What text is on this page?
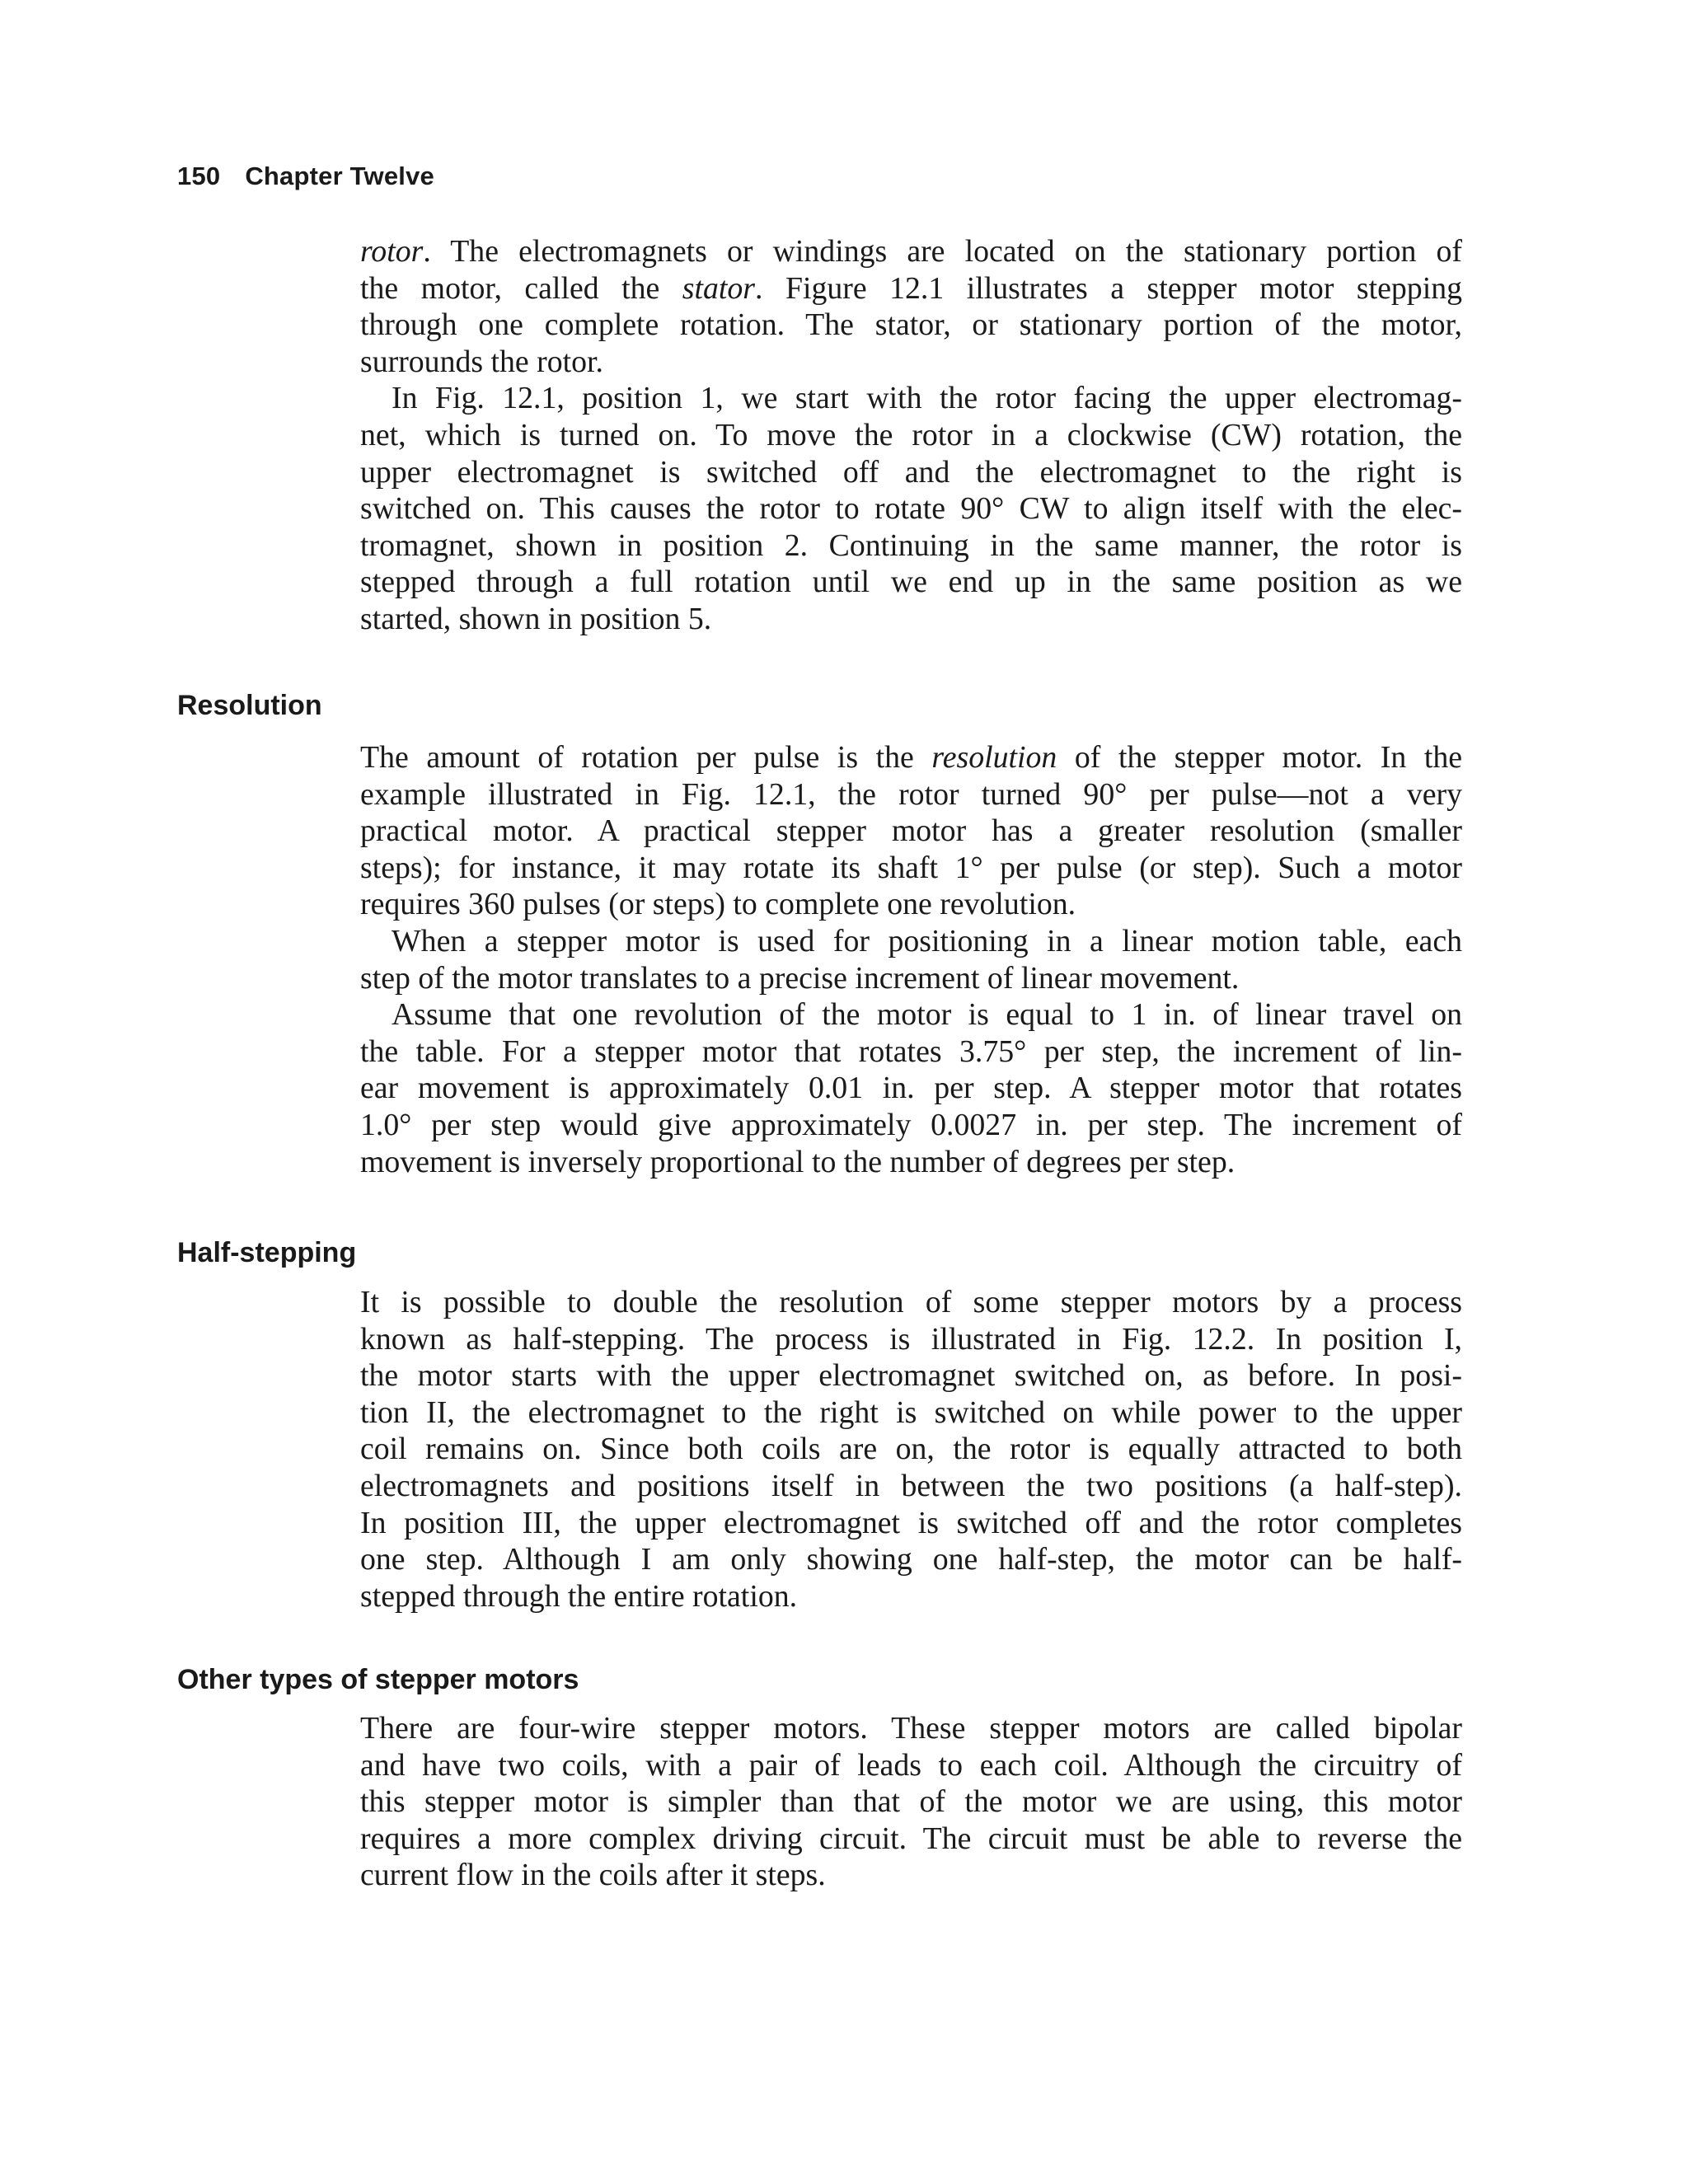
150 Chapter Twelve

rotor. The electromagnets or windings are located on the stationary portion of
the motor, called the stator. Figure 12.1 illustrates a stepper motor stepping
through one complete rotation. The stator, or stationary portion of the motor,
surrounds the rotor.

In Fig. 12.1, position 1, we start with the rotor facing the upper electromag-
net, which is turned on. To move the rotor in a clockwise (CW) rotation, the
upper electromagnet is switched off and the electromagnet to the right is
switched on. This causes the rotor to rotate 90° CW to align itself with the elec-
tromagnet, shown in position 2. Continuing in the same manner, the rotor is
stepped through a full rotation until we end up in the same position as we
started, shown in position 5.

Resolution

The amount of rotation per pulse is the resolution of the stepper motor. In the
example illustrated in Fig. 12.1, the rotor turned 90° per pulse—not a very
practical motor. A practical stepper motor has a greater resolution (smaller
steps); for instance, it may rotate its shaft 1° per pulse (or step). Such a motor
requires 360 pulses (or steps) to complete one revolution.

When a stepper motor is used for positioning in a linear motion table, each
step of the motor translates to a precise increment of linear movement.

Assume that one revolution of the motor is equal to 1 in. of linear travel on
the table. For a stepper motor that rotates 3.75° per step, the increment of lin-
ear movement is approximately 0.01 in. per step. A stepper motor that rotates
1.0° per step would give approximately 0.0027 in. per step. The increment of
movement is inversely proportional to the number of degrees per step.

Half-stepping

It is possible to double the resolution of some stepper motors by a process
known as half-stepping. The process is illustrated in Fig. 12.2. In position I,
the motor starts with the upper electromagnet switched on, as before. In posi-
tion II, the electromagnet to the right is switched on while power to the upper
coil remains on. Since both coils are on, the rotor is equally attracted to both
electromagnets and positions itself in between the two positions (a half-step).
In position III, the upper electromagnet is switched off and the rotor completes
one step. Although I am only showing one half-step, the motor can be half-
stepped through the entire rotation.

Other types of stepper motors

There are four-wire stepper motors. These stepper motors are called bipolar
and have two coils, with a pair of leads to each coil. Although the circuitry of
this stepper motor is simpler than that of the motor we are using, this motor
requires a more complex driving circuit. The circuit must be able to reverse the
current flow in the coils after it steps.
